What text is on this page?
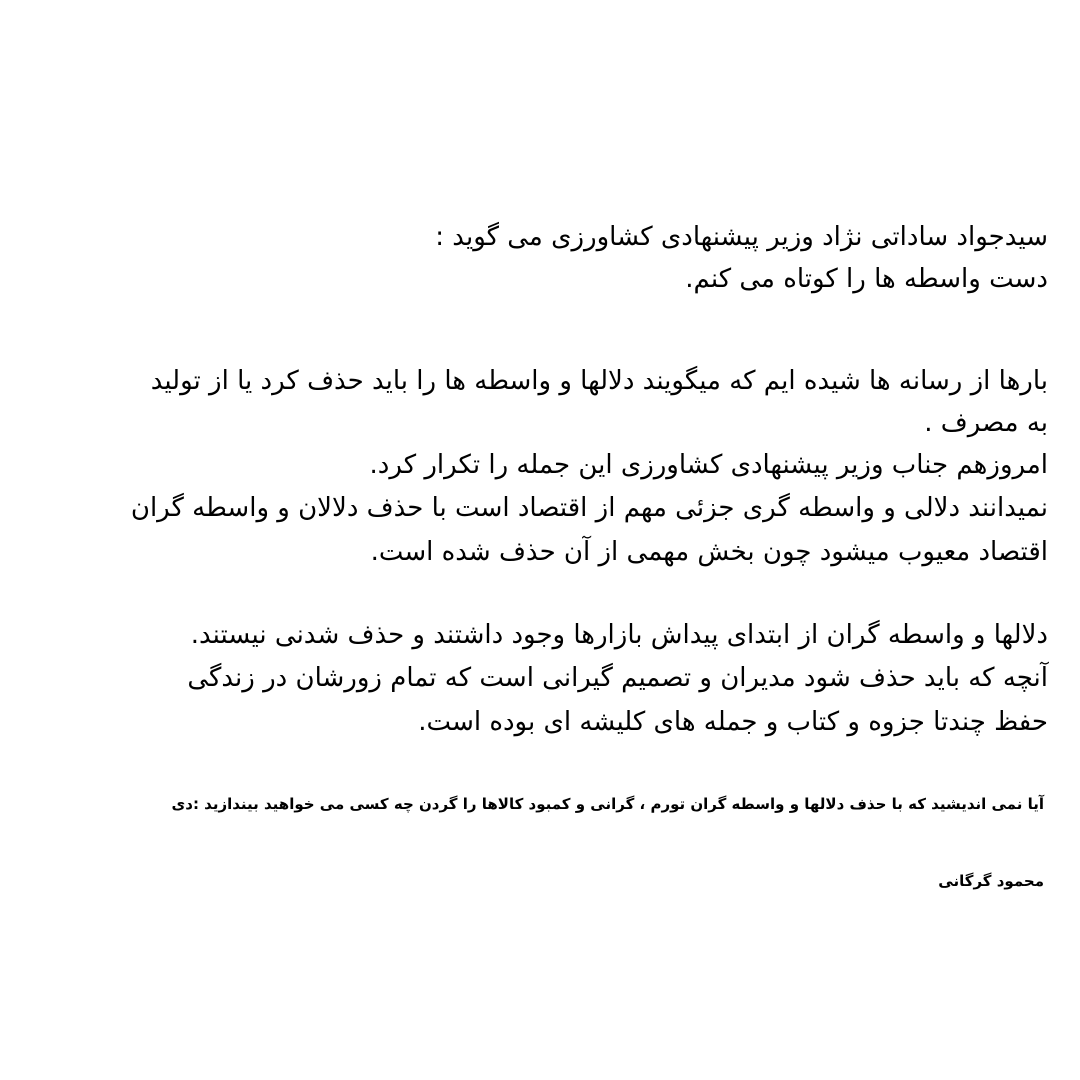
سیدجواد ساداتی نژاد وزیر پیشنهادی کشاورزی می گوید :

دست واسطه ها را کوتاه می کنم.

بارها از رسانه ها شیده ایم که میگویند دلالها و واسطه ها را باید حذف کرد یا از تولید

به مصرف .

امروزهم جناب وزیر پیشنهادی کشاورزی این جمله را تکرار کرد.

نمیدانند دلالی و واسطه گری جزئی مهم از اقتصاد است با حذف دلالان و واسطه گران

اقتصاد معیوب میشود چون بخش مهمی از آن حذف شده است.

دلالها و واسطه گران از ابتدای پیداش بازارها وجود داشتند و حذف شدنی نیستند.

آنچه که باید حذف شود مدیران و تصمیم گیرانی است که تمام زورشان در زندگی

حفظ چندتا جزوه و کتاب و جمله های کلیشه ای بوده است.

آیا نمی اندیشید که با حذف دلالها و واسطه گران تورم ، گرانی و کمبود کالاها را گردن چه کسی می خواهید بیندازید :دی

محمود گرگانی
